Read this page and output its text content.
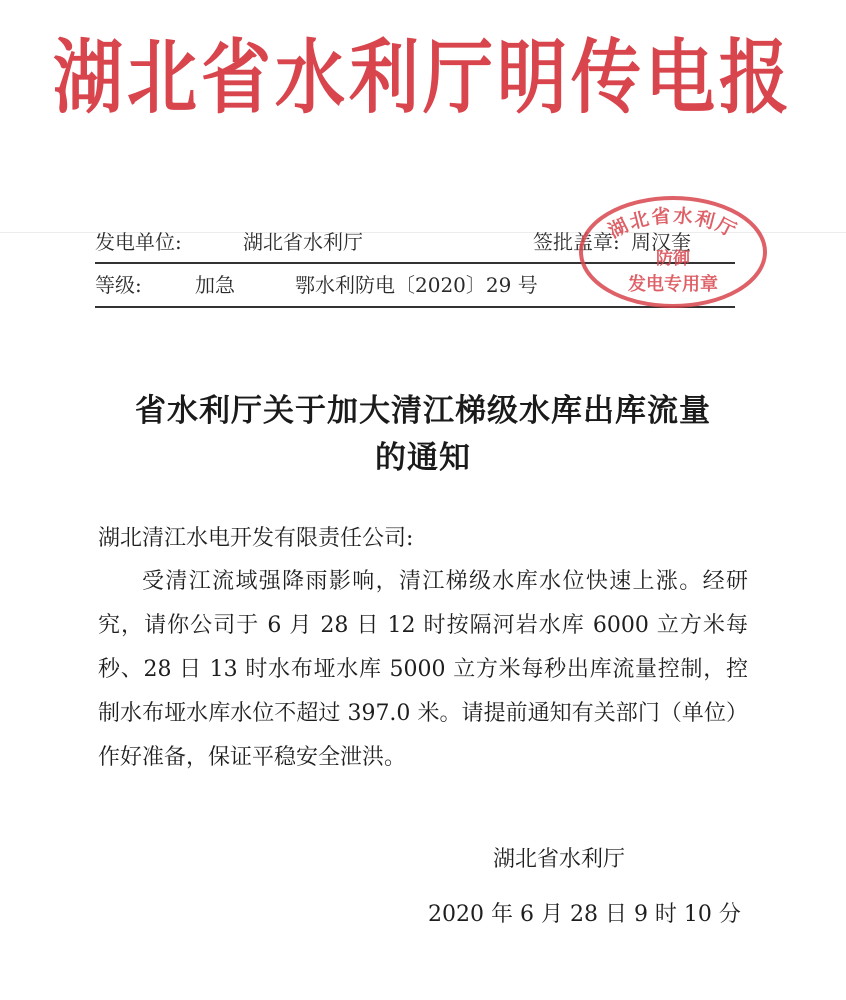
湖北省水利厅明传电报
发电单位:	湖北省水利厅	签批盖章: 周汉奎
等级:	加急	鄂水利防电〔2020〕29 号
湖北省水利厅
防御
发电专用章
省水利厅关于加大清江梯级水库出库流量
的通知
湖北清江水电开发有限责任公司:

受清江流域强降雨影响，清江梯级水库水位快速上涨。经研究，请你公司于 6 月 28 日 12 时按隔河岩水库 6000 立方米每秒、28 日 13 时水布垭水库 5000 立方米每秒出库流量控制，控制水布垭水库水位不超过 397.0 米。请提前通知有关部门（单位）作好准备，保证平稳安全泄洪。

湖北省水利厅
2020 年 6 月 28 日 9 时 10 分
